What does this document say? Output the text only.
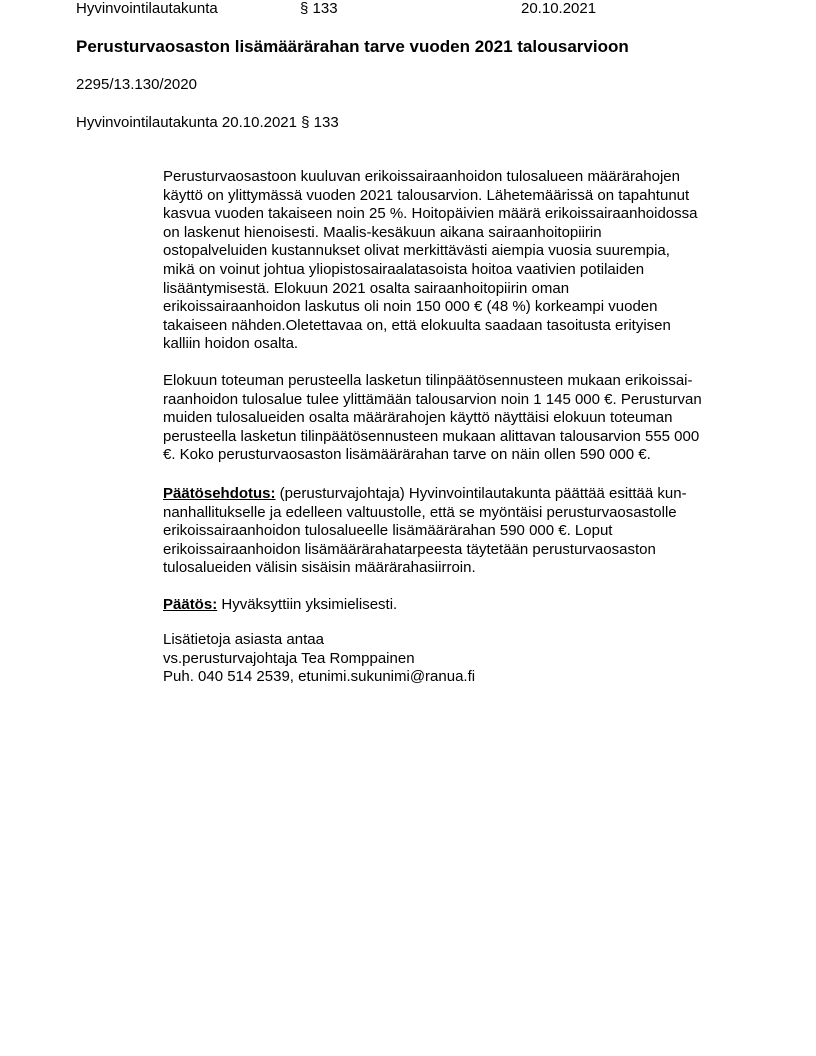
Hyvinvointilautakunta	§ 133	20.10.2021
Perusturvaosaston lisämäärärahan tarve vuoden 2021 talousarvioon
2295/13.130/2020
Hyvinvointilautakunta 20.10.2021 § 133
Perusturvaosastoon kuuluvan erikoissairaanhoidon tulosalueen määrärahojen
käyttö on ylittymässä vuoden 2021 talousarvion. Lähetemäärissä on tapahtunut
kasvua vuoden takaiseen noin 25 %. Hoitopäivien määrä erikoissairaanhoidossa
on laskenut hienoisesti. Maalis-kesäkuun aikana sairaanhoitopiirin
ostopalveluiden kustannukset olivat merkittävästi aiempia vuosia suurempia,
mikä on voinut johtua yliopistosairaalatasoista hoitoa vaativien potilaiden
lisääntymisestä. Elokuun 2021 osalta sairaanhoitopiirin oman
erikoissairaanhoidon laskutus oli noin 150 000 € (48 %) korkeampi vuoden
takaiseen nähden.Oletettavaa on, että elokuulta saadaan tasoitusta erityisen
kalliin hoidon osalta.
Elokuun toteuman perusteella lasketun tilinpäätösennusteen mukaan erikoissai-
raanhoidon tulosalue tulee ylittämään talousarvion noin 1 145 000 €. Perusturvan
muiden tulosalueiden osalta määrärahojen käyttö näyttäisi elokuun toteuman
perusteella lasketun tilinpäätösennusteen mukaan alittavan talousarvion 555 000
€. Koko perusturvaosaston lisämäärärahan tarve on näin ollen 590 000 €.
Päätösehdotus: (perusturvajohtaja) Hyvinvointilautakunta päättää esittää kun-
nanhallitukselle ja edelleen valtuustolle, että se myöntäisi perusturvaosastolle
erikoissairaanhoidon tulosalueelle lisämäärärahan 590 000 €. Loput
erikoissairaanhoidon lisämäärärahatarpeesta täytetään perusturvaosaston
tulosalueiden välisin sisäisin määrärahasiirroin.
Päätös: Hyväksyttiin yksimielisesti.
Lisätietoja asiasta antaa
vs.perusturvajohtaja Tea Romppainen
Puh. 040 514 2539, etunimi.sukunimi@ranua.fi
